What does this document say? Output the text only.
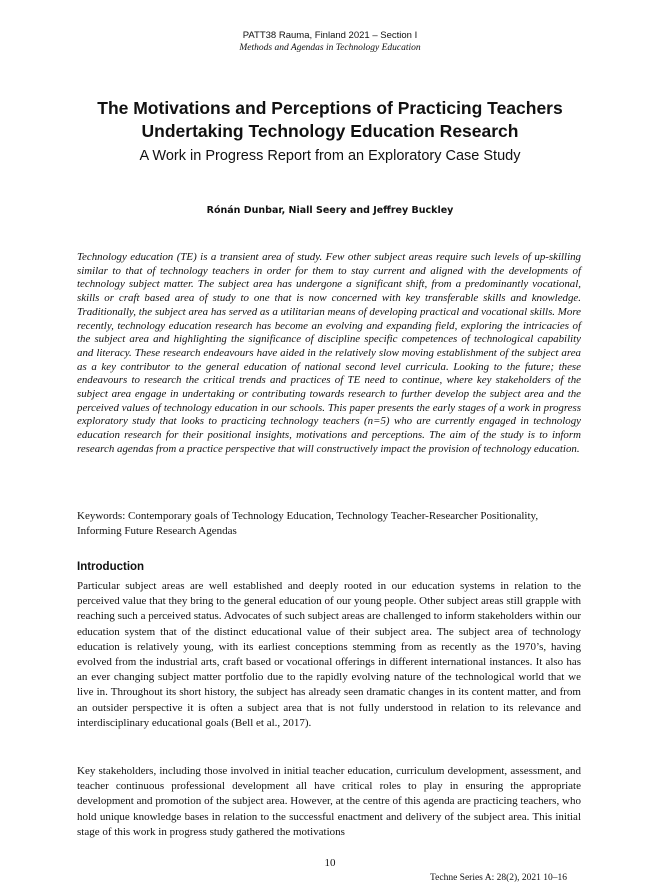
PATT38 Rauma, Finland 2021 – Section I
Methods and Agendas in Technology Education
The Motivations and Perceptions of Practicing Teachers
Undertaking Technology Education Research
A Work in Progress Report from an Exploratory Case Study
Rónán Dunbar, Niall Seery and Jeffrey Buckley

Technology education (TE) is a transient area of study. Few other subject areas require such levels of up-skilling similar to that of technology teachers in order for them to stay current and aligned with the developments of technology subject matter. The subject area has undergone a significant shift, from a predominantly vocational, skills or craft based area of study to one that is now concerned with key transferable skills and knowledge. Traditionally, the subject area has served as a utilitarian means of developing practical and vocational skills. More recently, technology education research has become an evolving and expanding field, exploring the intricacies of the subject area and highlighting the significance of discipline specific competences of technological capability and literacy. These research endeavours have aided in the relatively slow moving establishment of the subject area as a key contributor to the general education of national second level curricula. Looking to the future; these endeavours to research the critical trends and practices of TE need to continue, where key stakeholders of the subject area engage in undertaking or contributing towards research to further develop the subject area and the perceived values of technology education in our schools. This paper presents the early stages of a work in progress exploratory study that looks to practicing technology teachers (n=5) who are currently engaged in technology education research for their positional insights, motivations and perceptions. The aim of the study is to inform research agendas from a practice perspective that will constructively impact the provision of technology education.

Keywords: Contemporary goals of Technology Education, Technology Teacher-Researcher Positionality, Informing Future Research Agendas
Introduction

Particular subject areas are well established and deeply rooted in our education systems in relation to the perceived value that they bring to the general education of our young people. Other subject areas still grapple with reaching such a perceived status. Advocates of such subject areas are challenged to inform stakeholders within our education system that of the distinct educational value of their subject area. The subject area of technology education is relatively young, with its earliest conceptions stemming from as recently as the 1970’s, having evolved from the industrial arts, craft based or vocational offerings in different international instances. It also has an ever changing subject matter portfolio due to the rapidly evolving nature of the technological world that we live in. Throughout its short history, the subject has already seen dramatic changes in its content matter, and from an outsider perspective it is often a subject area that is not fully understood in relation to its relevance and interdisciplinary educational goals (Bell et al., 2017).

Key stakeholders, including those involved in initial teacher education, curriculum development, assessment, and teacher continuous professional development all have critical roles to play in ensuring the appropriate development and promotion of the subject area. However, at the centre of this agenda are practicing teachers, who hold unique knowledge bases in relation to the successful enactment and delivery of the subject area. This initial stage of this work in progress study gathered the motivations

10
Techne Series A: 28(2), 2021 10–16
